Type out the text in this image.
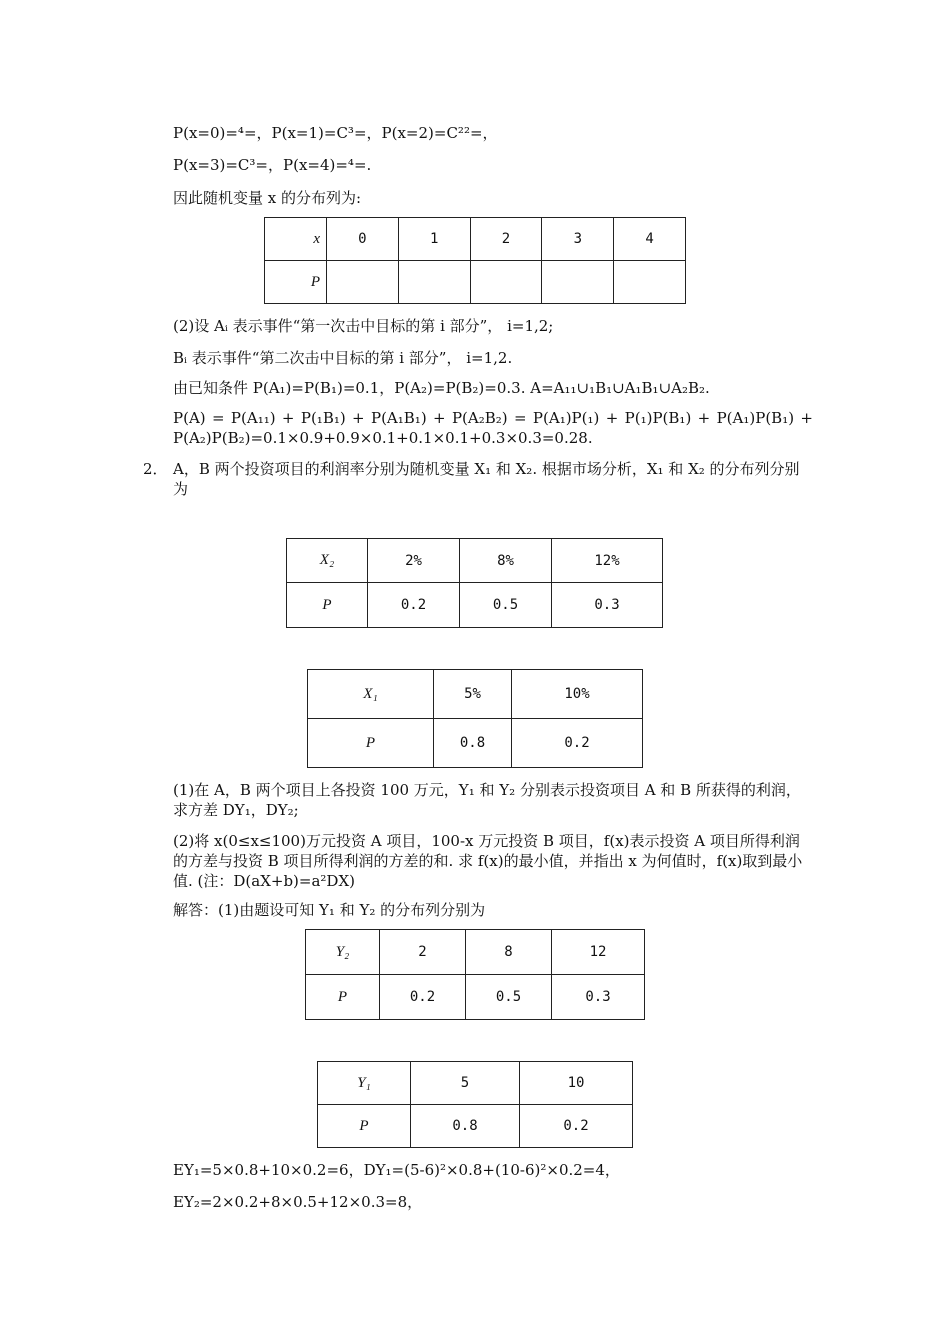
P(x=0)=⁴=，P(x=1)=C³=，P(x=2)=C²²=，
P(x=3)=C³=，P(x=4)=⁴=.
因此随机变量 x 的分布列为:
x	0	1	2	3	4
P					
(2)设 Aᵢ 表示事件“第一次击中目标的第 i 部分”， i=1,2;
Bᵢ 表示事件“第二次击中目标的第 i 部分”， i=1,2.
由已知条件 P(A₁)=P(B₁)=0.1，P(A₂)=P(B₂)=0.3. A=A₁₁∪₁B₁∪A₁B₁∪A₂B₂.
P(A) = P(A₁₁) + P(₁B₁) + P(A₁B₁) + P(A₂B₂) = P(A₁)P(₁) + P(₁)P(B₁) + P(A₁)P(B₁) +
P(A₂)P(B₂)=0.1×0.9+0.9×0.1+0.1×0.1+0.3×0.3=0.28.
2． A，B 两个投资项目的利润率分别为随机变量 X₁ 和 X₂. 根据市场分析，X₁ 和 X₂ 的分布列分别为
X₂	2%	8%	12%
P	0.2	0.5	0.3
X₁	5%	10%
P	0.8	0.2
(1)在 A，B 两个项目上各投资 100 万元，Y₁ 和 Y₂ 分别表示投资项目 A 和 B 所获得的利润，求方差 DY₁，DY₂;
(2)将 x(0≤x≤100)万元投资 A 项目，100-x 万元投资 B 项目，f(x)表示投资 A 项目所得利润的方差与投资 B 项目所得利润的方差的和. 求 f(x)的最小值，并指出 x 为何值时，f(x)取到最小值. (注：D(aX+b)=a²DX)
解答：(1)由题设可知 Y₁ 和 Y₂ 的分布列分别为
Y₂	2	8	12
P	0.2	0.5	0.3
Y₁	5	10
P	0.8	0.2
EY₁=5×0.8+10×0.2=6，DY₁=(5-6)²×0.8+(10-6)²×0.2=4，
EY₂=2×0.2+8×0.5+12×0.3=8，
